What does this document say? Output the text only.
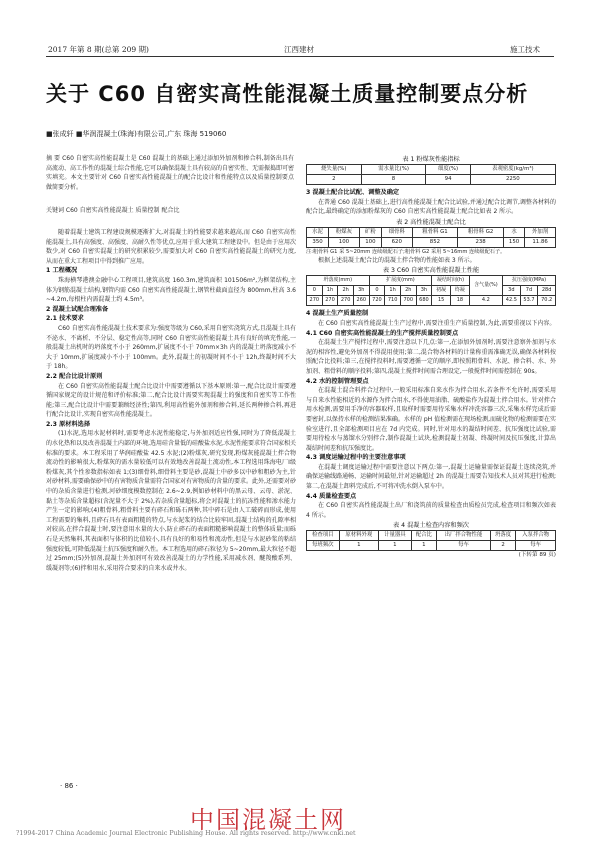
2017 年第 8 期(总第 209 期)	江西建材	施工技术
关于 C60 自密实高性能混凝土质量控制要点分析
■张成轩 ■华润混凝土(珠海)有限公司,广东 珠海 519060
摘 要 C60 自密实高性能混凝土是 C60 混凝土的基础上通过添加外加剂和掺合料,制备出具有高流动、高工作性的混凝土综合性能,它可以确保混凝土具有较高的自密实性、无需振捣即可密实填充。本文主要针对 C60 自密实高性能混凝土的配合比设计和性能特点以及质量控制要点做简要分析。
关键词 C60 自密实高性能混凝土 质量控制 配合比
随着混凝土建筑工程建设规模逐渐扩大,对混凝土的性能要求越来越高,而 C60 自密实高性能混凝土,具有高强度、高强度、高耐久性等优点,应用于重大建筑工程建设中。但是由于应用次数少,对 C60 自密实混凝土的研究积累较少,需要加大对 C60 自密实高性能混凝土的研究力度,从而在重大工程项目中得到推广应用。
1 工程概况
珠海横琴港澳金融中心工程项目,建筑高度 160.3m,建筑面积 101506m²,为框架结构,主体为钢筋混凝土结构,钢管内需 C60 自密实高性能混凝土,钢管柱截面直径为 800mm,柱高 3.6~4.2m,每根柱内需混凝土约 4.5m³。
2 混凝土试配合理准备
2.1 技术要求
C60 自密实高性能混凝土技术要求为:强度等级为 C60,采用自密实浇筑方式,且混凝土具有不泌水、不离析、不分层、稳定性高等,同时 C60 自密实高性能混凝土具有良好的填充性能,一般混凝土出机时的坍落度不小于 260mm,扩展度不小于 70mm×3h 内的混凝土坍落度减小不大于 10mm,扩展度减小不小于 100mm。此外,混凝土的初凝时间不小于 12h,终凝时间不大于 18h。
2.2 配合比设计原则
在 C60 自密实高性能混凝土配合比设计中需要遵循以下基本原则:第一,配合比设计需要遵循国家规定的设计规范和评价标准;第二,配合比设计需要实现混凝土的强度和自密实等工作性能;第三,配合比设计中需要兼顾经济性;第四,利用高性能外加剂和掺合料,延长两种掺合料,再进行配合比设计,实现自密实高性能混凝土。
2.3 原材料选择
(1)水泥,选用水泥材料时,需要考虑水泥性能稳定,与外加剂适应性强,同时为了降低混凝土的水化热和以及改善混凝土内部的环境,选用硅含量低的硅酸盐水泥,水泥性能要求符合国家相关标准的要求。本工程采用了华润硅酸盐 42.5 水泥;(2)粉煤灰,研究发现,粉煤灰能混凝土拌合物流动性的影响很大,粉煤灰的需水量较低可以有效地改善混凝土流动性,本工程选用珠海电厂Ⅰ级粉煤灰,其个性参数指标如表 1;(3)细骨料,细骨料主要是砂,混凝土中砂多以中砂和粗砂为主,针对砂材料,需要确保砂中的有害物质含量需符合国家对有害物质的含量的要求。此外,还需要对砂中的杂质含量进行检测,河砂细度模数控制在 2.6~2.9,例如砂材料中的黑云母、云母、淤泥、黏土等杂质含量超标(含泥量不大于 2%),若杂质含量超标,将会对混凝土的抗冻性能和渗水能力产生一定的影响;(4)粗骨料,粗骨料主要有碎石和砾石两种,其中碎石是由人工破碎而形成,使用工程需要的集料,且碎石具有表面粗糙的特点,与水泥浆的结合比较牢固,混凝土结构的孔隙率相对较高,在拌合混凝土时,要注意用水量的大小,防止碎石的表面粗糙影响混凝土的整体质量;而砾石是天然集料,其表面积与体积的比值较小,具有良好的和易性和流动性,但是与水泥砂浆的粘结强度较低,可降低混凝土抗压强度和耐久性。本工程选用的碎石粒径为 5~20mm,最大粒径不超过 25mm;(5)外加剂,混凝土外加剂可有效改善混凝土的力学性能,采用减水剂、醚羧酸系列、缓凝剂等;(6)拌和用水,采用符合要求的自来水或井水。
表 1 粉煤灰性能指标
烧失量(%)	需水量比(%)	细度(%)	表观密度(kg/m³)
2	8	94	2250
3 混凝土配合比试配、调整及确定
在普通 C60 混凝土基础上,进行高性能混凝土配合比试验,并通过配合比调节,调整各材料的配合比,最终确定的添加粉煤灰的 C60 自密实高性能混凝土配合比如表 2 所示。
表 2 高性能混凝土配合比
水泥	粉煤灰	矿粉	细骨料	粗骨料 G1	粗骨料 G2	水	外加剂
350	100	100	620	852	238	150	11.86
注:粗骨料 G1 采 5~20mm 连续级配石子;粗骨料 G2 采用 5~16mm 连续级配石子。
根据上述混凝土配合比的混凝土拌合物的性能如表 3 所示。
表 3 C60 自密实高性能混凝土性能
坍落度(mm)				扩展度(mm)				凝结时间(h)		含气量(%)	抗压强度(MPa)		
0	1h	2h	3h	0	1h	2h	3h	初凝	终凝		3d	7d	28d
270	270	270	260	720	710	700	680	15	18	4.2	42.5	53.7	70.2
4 混凝土生产质量控制
在 C60 自密实高性能混凝土生产过程中,需要注重生产质量控制,为此,需要重视以下内容。
4.1 C60 自密实高性能混凝土的生产搅拌质量控制要点
在混凝土生产搅拌过程中,需要注意以下几点:第一,在添加外加剂时,需要注意察外加剂与水泥的相容性,避免外加剂不得混用使用;第二,混合物各材料的计量称重需准确无误,确保各材料按照配合比投料;第三,在搅拌投料时,需要遵循一定的顺序,即按照粗骨料、水泥、掺合料、水、外加剂、粗骨料的顺序投料;第四,混凝土搅拌时间需合理设定,一般搅拌时间需控制在 90s。
4.2 水的控制管理要点
在混凝土混合料拌合过程中,一般采用标准自来水作为拌合用水,若条件不允许时,需要采用与自来水性能相近的水源作为拌合用水,不得使用油脂、硫酸盐作为混凝土拌合用水。针对拌合用水检测,需要用手净的容器取样,且取样时需要用待采集水样冲洗容器三次,采集水样完成后需要密封,以保持水样的检测结果准确。水样的 pH 值检测需在现场检测,而硫化物的检测需要在实验室进行,且全部检测项目应在 7d 内完成。同时,针对用水的凝结时间差、抗压强度比试验,需要用待检水与蒸馏水分别拌合,制作混凝土试块,检测混凝土初凝、终凝时间及抗压强度,计算出凝结时间差和抗压强度比。
4.3 调度运输过程中的主要注意事项
在混凝土调度运输过程中需要注意以下两点:第一,混凝土运输量需保证混凝土连续浇筑,并确保运输线路通畅、运输时间最短,针对运输超过 2h 的混凝土需要告知技术人员对其进行检测;第二,在混凝土卸料完成后,不可将冲洗水倒入泵车中。
4.4 质量检查要点
在 C60 自密实高性能混凝土出厂和浇筑前的质量检查由质检员完成,检查项目和频次如表 4 所示。
表 4 混凝土检查内容和频次
检查项目	原材料外观	计量器具	配合比	出厂拌合物性能	坍落度	入泵拌合物
每班频次	1	1	1	每车	2	每车
(下转第 89 页)
· 86 ·
中国混凝土网
?1994-2017 China Academic Journal Electronic Publishing House. All rights reserved. http://www.cnki.net
